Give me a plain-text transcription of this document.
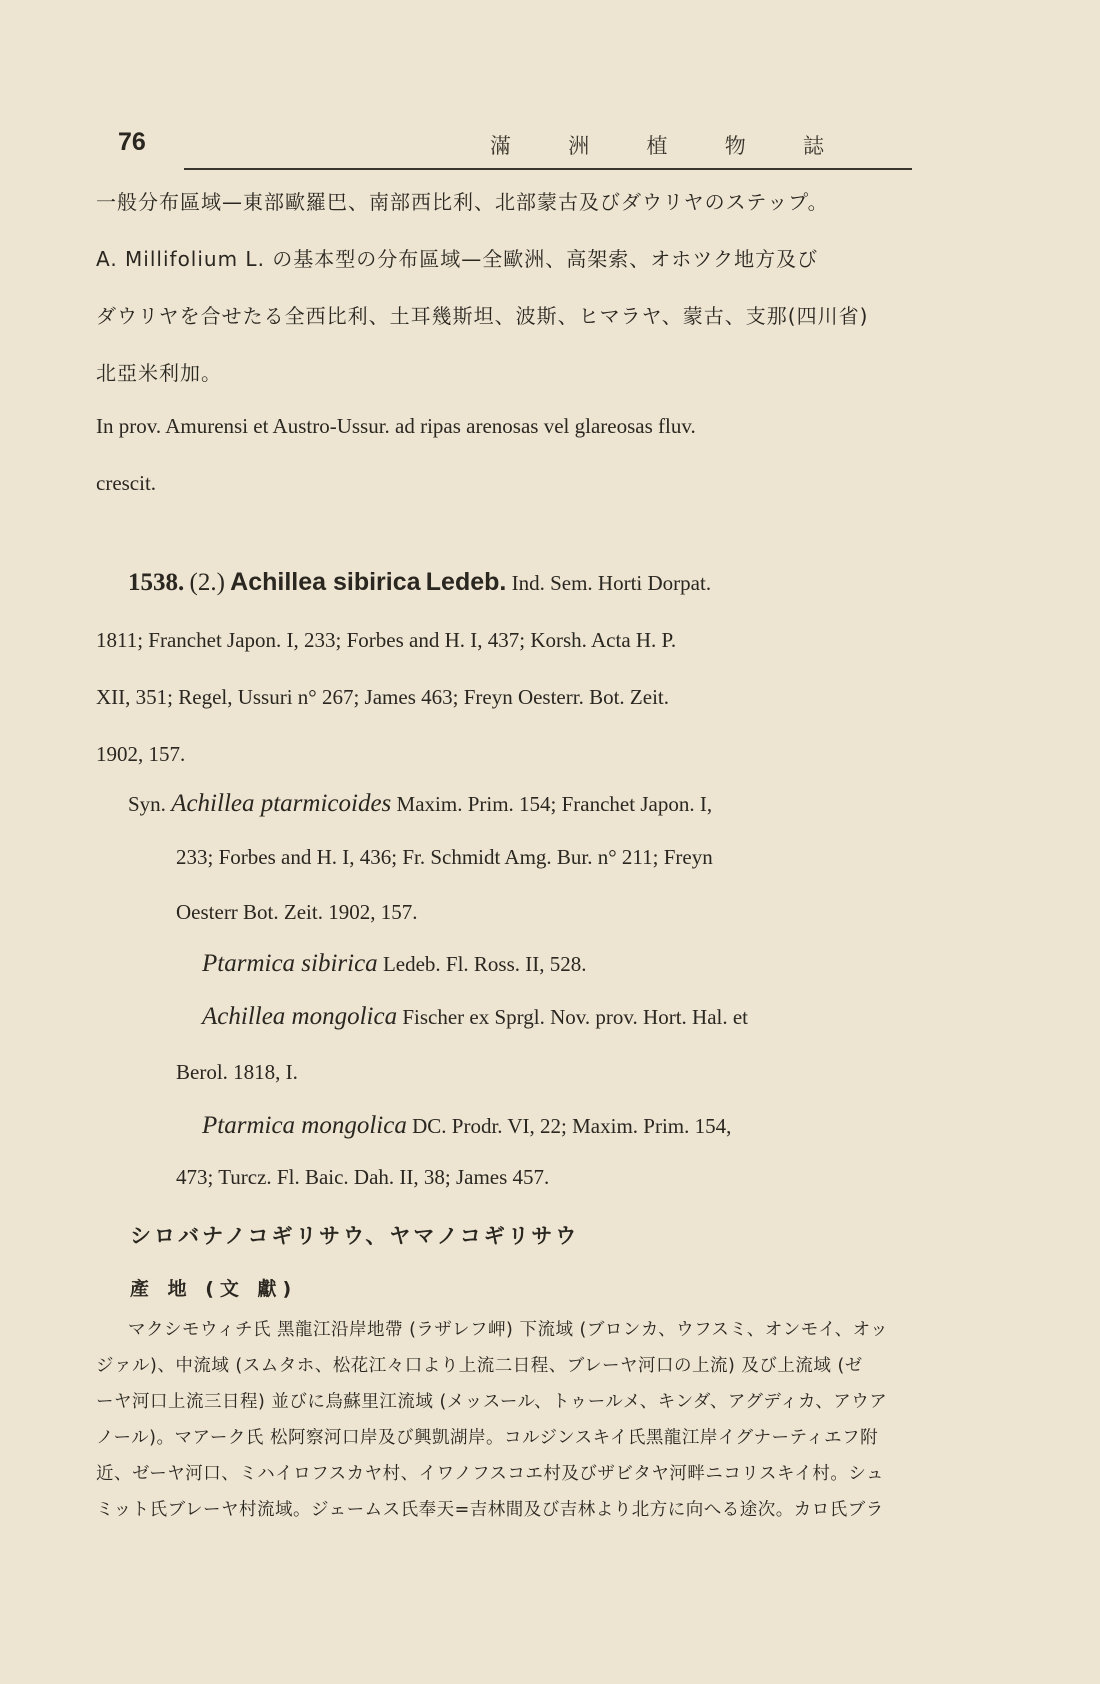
76	滿 洲 植 物 誌
一般分布區域—東部歐羅巴、南部西比利、北部蒙古及びダウリヤのステップ。
A. Millifolium L. の基本型の分布區域—全歐洲、高架索、オホツク地方及び
ダウリヤを合せたる全西比利、土耳幾斯坦、波斯、ヒマラヤ、蒙古、支那(四川省)
北亞米利加。
In prov. Amurensi et Austro-Ussur. ad ripas arenosas vel glareosas fluv.
crescit.
1538. (2.) Achillea sibirica Ledeb. Ind. Sem. Horti Dorpat.
1811; Franchet Japon. I, 233; Forbes and H. I, 437; Korsh. Acta H. P.
XII, 351; Regel, Ussuri n° 267; James 463; Freyn Oesterr. Bot. Zeit.
1902, 157.
Syn. Achillea ptarmicoides Maxim. Prim. 154; Franchet Japon. I,
233; Forbes and H. I, 436; Fr. Schmidt Amg. Bur. n° 211; Freyn
Oesterr Bot. Zeit. 1902, 157.
Ptarmica sibirica Ledeb. Fl. Ross. II, 528.
Achillea mongolica Fischer ex Sprgl. Nov. prov. Hort. Hal. et
Berol. 1818, I.
Ptarmica mongolica DC. Prodr. VI, 22; Maxim. Prim. 154,
473; Turcz. Fl. Baic. Dah. II, 38; James 457.
シロバナノコギリサウ、ヤマノコギリサウ
產 地 (文 獻)
マクシモウィチ氏 黑龍江沿岸地帶 (ラザレフ岬) 下流域 (ブロンカ、ウフスミ、オンモイ、オッ
ジァル)、中流域 (スムタホ、松花江々口より上流二日程、ブレーヤ河口の上流) 及び上流域 (ゼ
ーヤ河口上流三日程) 並びに烏蘇里江流域 (メッスール、トゥールメ、キンダ、アグディカ、アウア
ノール)。マアーク氏 松阿察河口岸及び興凱湖岸。コルジンスキイ氏黑龍江岸イグナーティエフ附
近、ゼーヤ河口、ミハイロフスカヤ村、イワノフスコエ村及びザビタヤ河畔ニコリスキイ村。シュ
ミット氏ブレーヤ村流域。ジェームス氏奉天=吉林間及び吉林より北方に向へる途次。カロ氏ブラ
